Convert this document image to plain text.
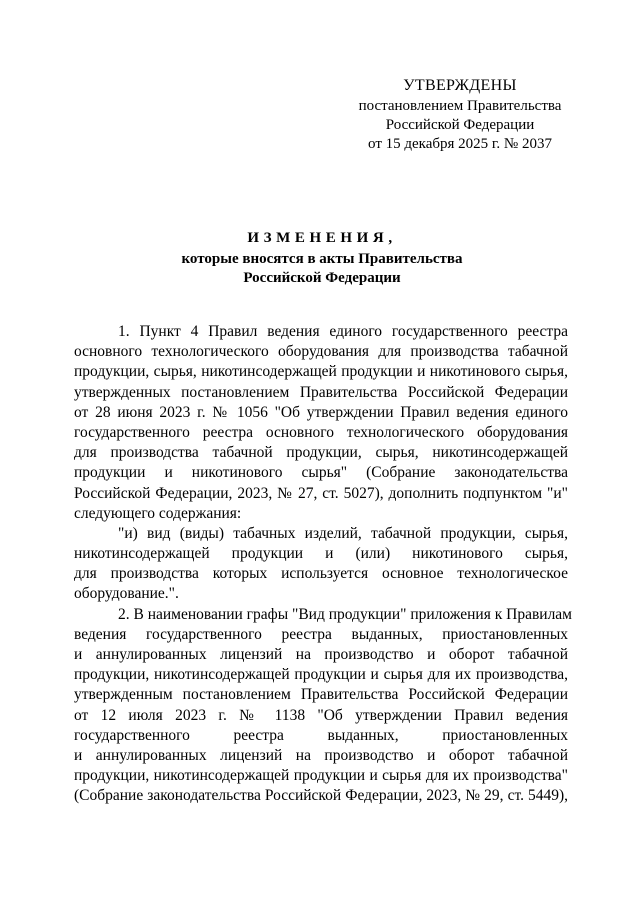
УТВЕРЖДЕНЫ
постановлением Правительства
Российской Федерации
от 15 декабря 2025 г. № 2037
ИЗМЕНЕНИЯ,
которые вносятся в акты Правительства
Российской Федерации
1. Пункт 4 Правил ведения единого государственного реестра
основного технологического оборудования для производства табачной
продукции, сырья, никотинсодержащей продукции и никотинового сырья,
утвержденных постановлением Правительства Российской Федерации
от 28 июня 2023 г. № 1056 "Об утверждении Правил ведения единого
государственного реестра основного технологического оборудования
для производства табачной продукции, сырья, никотинсодержащей
продукции и никотинового сырья" (Собрание законодательства
Российской Федерации, 2023, № 27, ст. 5027), дополнить подпунктом "и"
следующего содержания:
"и) вид (виды) табачных изделий, табачной продукции, сырья,
никотинсодержащей продукции и (или) никотинового сырья,
для производства которых используется основное технологическое
оборудование.".
2. В наименовании графы "Вид продукции" приложения к Правилам
ведения государственного реестра выданных, приостановленных
и аннулированных лицензий на производство и оборот табачной
продукции, никотинсодержащей продукции и сырья для их производства,
утвержденным постановлением Правительства Российской Федерации
от 12 июля 2023 г. № 1138 "Об утверждении Правил ведения
государственного реестра выданных, приостановленных
и аннулированных лицензий на производство и оборот табачной
продукции, никотинсодержащей продукции и сырья для их производства"
(Собрание законодательства Российской Федерации, 2023, № 29, ст. 5449),
